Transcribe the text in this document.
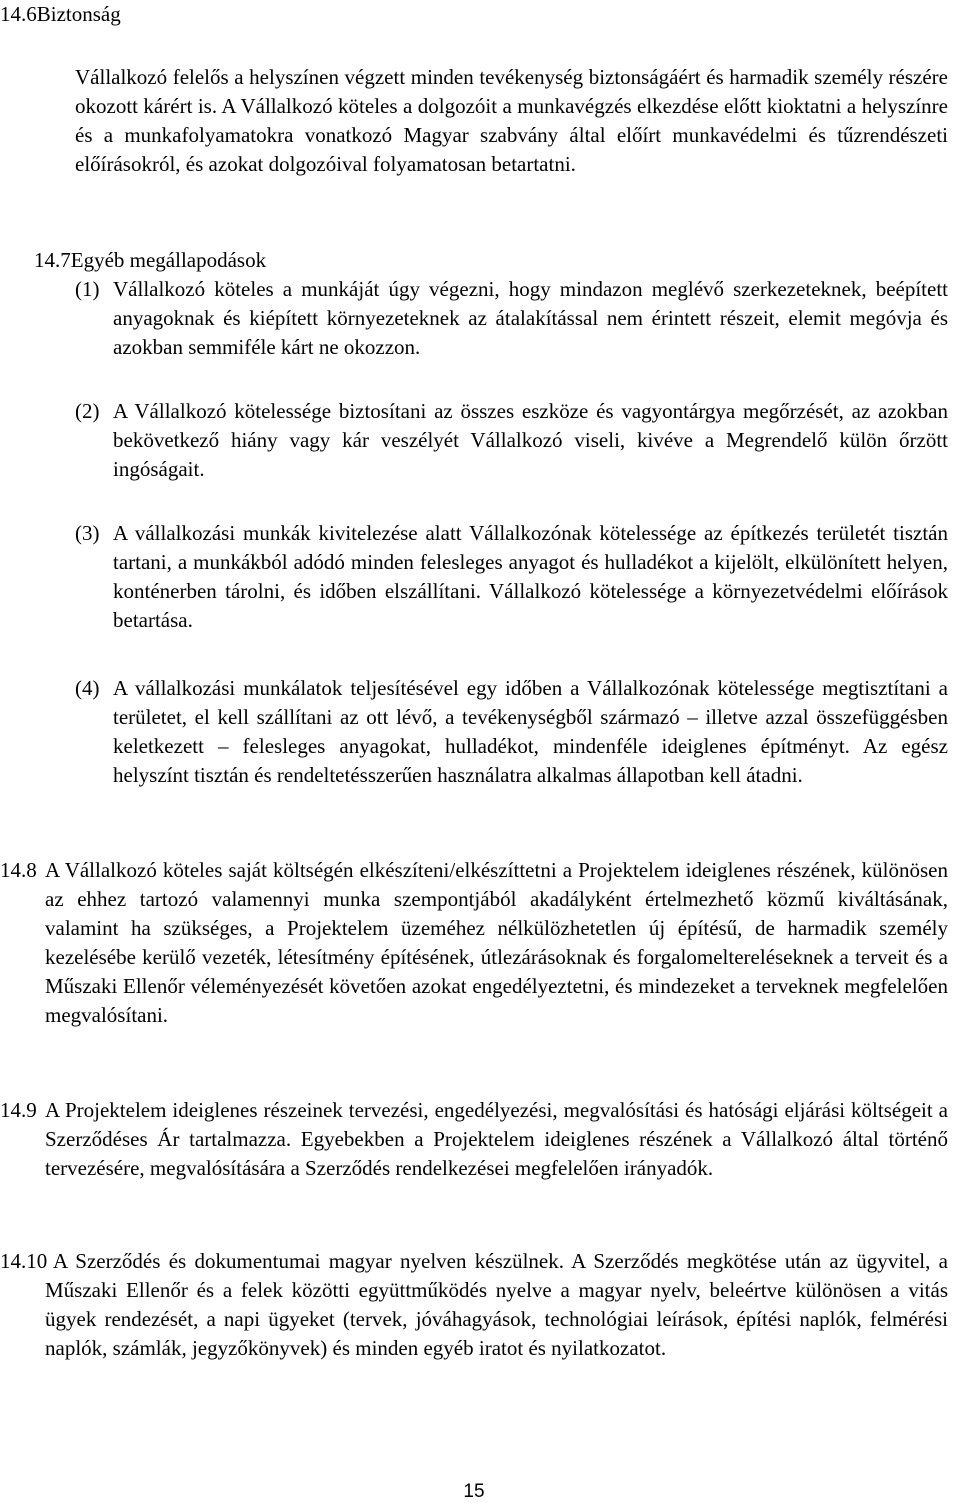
14.6Biztonság

Vállalkozó felelős a helyszínen végzett minden tevékenység biztonságáért és harmadik személy részére okozott kárért is. A Vállalkozó köteles a dolgozóit a munkavégzés elkezdése előtt kioktatni a helyszínre és a munkafolyamatokra vonatkozó Magyar szabvány által előírt munkavédelmi és tűzrendészeti előírásokról, és azokat dolgozóival folyamatosan betartatni.

14.7Egyéb megállapodások
(1) Vállalkozó köteles a munkáját úgy végezni, hogy mindazon meglévő szerkezeteknek, beépített anyagoknak és kiépített környezeteknek az átalakítással nem érintett részeit, elemit megóvja és azokban semmiféle kárt ne okozzon.

(2) A Vállalkozó kötelessége biztosítani az összes eszköze és vagyontárgya megőrzését, az azokban bekövetkező hiány vagy kár veszélyét Vállalkozó viseli, kivéve a Megrendelő külön őrzött ingóságait.

(3) A vállalkozási munkák kivitelezése alatt Vállalkozónak kötelessége az építkezés területét tisztán tartani, a munkákból adódó minden felesleges anyagot és hulladékot a kijelölt, elkülönített helyen, konténerben tárolni, és időben elszállítani. Vállalkozó kötelessége a környezetvédelmi előírások betartása.

(4) A vállalkozási munkálatok teljesítésével egy időben a Vállalkozónak kötelessége megtisztítani a területet, el kell szállítani az ott lévő, a tevékenységből származó – illetve azzal összefüggésben keletkezett – felesleges anyagokat, hulladékot, mindenféle ideiglenes építményt. Az egész helyszínt tisztán és rendeltetésszerűen használatra alkalmas állapotban kell átadni.

14.8 A Vállalkozó köteles saját költségén elkészíteni/elkészíttetni a Projektelem ideiglenes részének, különösen az ehhez tartozó valamennyi munka szempontjából akadályként értelmezhető közmű kiváltásának, valamint ha szükséges, a Projektelem üzeméhez nélkülözhetetlen új építésű, de harmadik személy kezelésébe kerülő vezeték, létesítmény építésének, útlezárásoknak és forgalomeltereléseknek a terveit és a Műszaki Ellenőr véleményezését követően azokat engedélyeztetni, és mindezeket a terveknek megfelelően megvalósítani.

14.9 A Projektelem ideiglenes részeinek tervezési, engedélyezési, megvalósítási és hatósági eljárási költségeit a Szerződéses Ár tartalmazza. Egyebekben a Projektelem ideiglenes részének a Vállalkozó által történő tervezésére, megvalósítására a Szerződés rendelkezései megfelelően irányadók.

14.10 A Szerződés és dokumentumai magyar nyelven készülnek. A Szerződés megkötése után az ügyvitel, a Műszaki Ellenőr és a felek közötti együttműködés nyelve a magyar nyelv, beleértve különösen a vitás ügyek rendezését, a napi ügyeket (tervek, jóváhagyások, technológiai leírások, építési naplók, felmérési naplók, számlák, jegyzőkönyvek) és minden egyéb iratot és nyilatkozatot.

15
